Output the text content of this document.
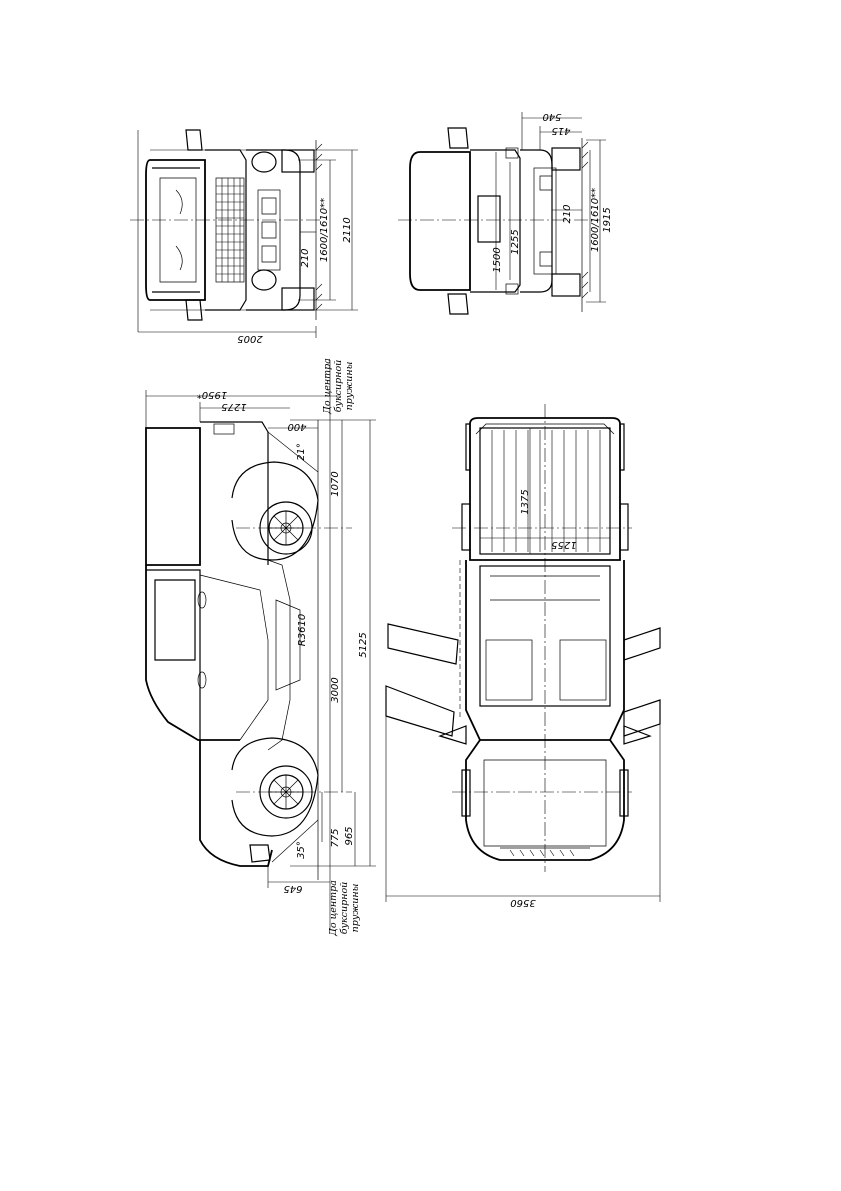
2005
2110
1600/1610**
210
1915
1600/1610**
210
1255
1500
415
540
5125
3000
R3610
1070
965
775
1950*
1275
400
645
21°
35°
До центра буксирной пружины
До центра буксирной пружины	3560
1375
1255
